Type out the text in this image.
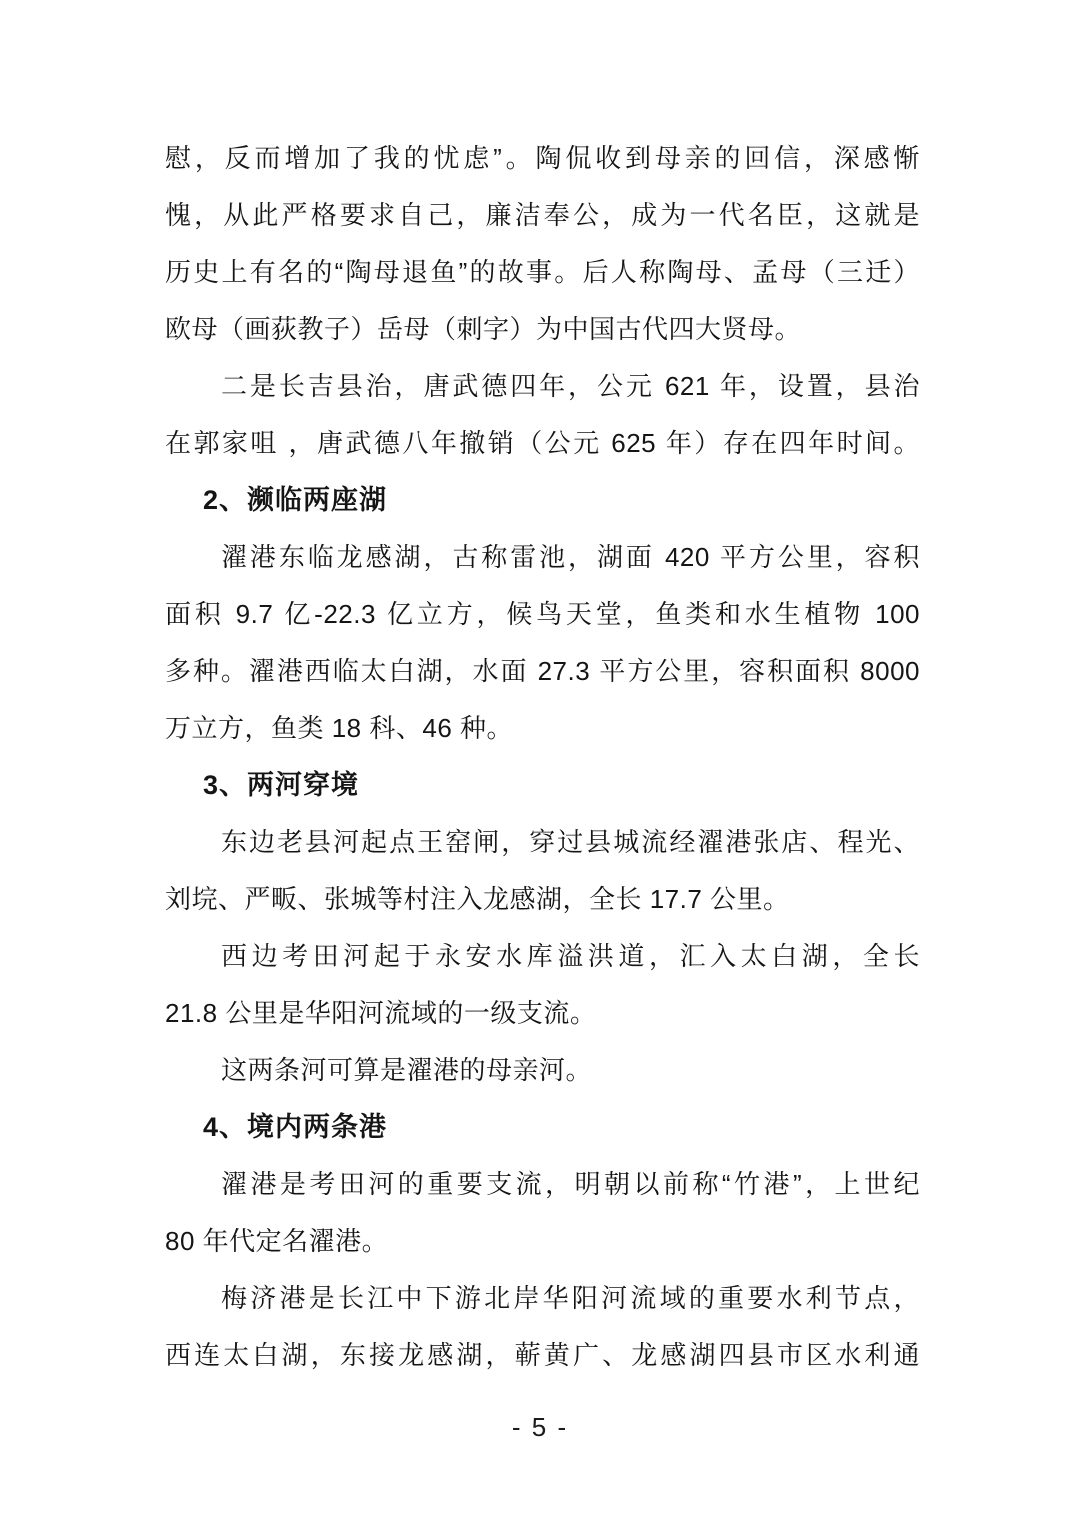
慰，反而增加了我的忧虑”。陶侃收到母亲的回信，深感惭
愧，从此严格要求自己，廉洁奉公，成为一代名臣，这就是
历史上有名的“陶母退鱼”的故事。后人称陶母、孟母（三迁）
欧母（画荻教子）岳母（刺字）为中国古代四大贤母。
二是长吉县治，唐武德四年，公元 621 年，设置，县治
在郭家咀 ，唐武德八年撤销（公元 625 年）存在四年时间。
2、濒临两座湖
濯港东临龙感湖，古称雷池，湖面 420 平方公里，容积
面积 9.7 亿-22.3 亿立方，候鸟天堂，鱼类和水生植物 100
多种。濯港西临太白湖，水面 27.3 平方公里，容积面积 8000
万立方，鱼类 18 科、46 种。
3、两河穿境
东边老县河起点王窑闸，穿过县城流经濯港张店、程光、
刘垸、严畈、张城等村注入龙感湖，全长 17.7 公里。
西边考田河起于永安水库溢洪道，汇入太白湖，全长
21.8 公里是华阳河流域的一级支流。
这两条河可算是濯港的母亲河。
4、境内两条港
濯港是考田河的重要支流，明朝以前称“竹港”，上世纪
80 年代定名濯港。
梅济港是长江中下游北岸华阳河流域的重要水利节点，
西连太白湖，东接龙感湖，蕲黄广、龙感湖四县市区水利通
- 5 -
